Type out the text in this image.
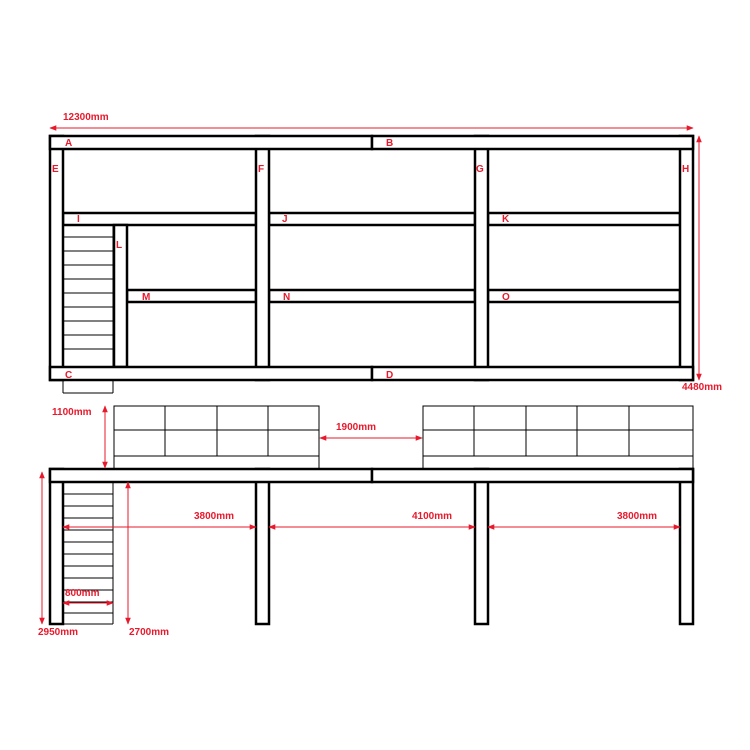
A	B
C	D
E	F	G	H
I	J	K
L
M	N	O
12300mm
4480mm
1100mm
1900mm
3800mm	4100mm	3800mm
800mm
2950mm	2700mm
